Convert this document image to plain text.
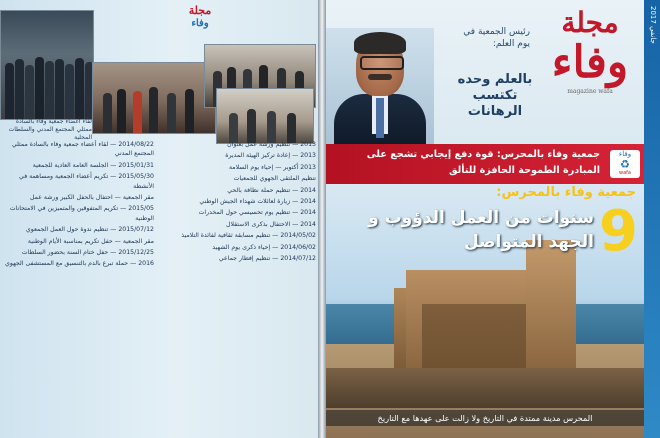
مجلة
وفاء
لقاء أعضاء جمعية وفاء بالسادة ممثلي المجتمع المدني والسلطات المحلية

2014/08/22 — لقاء أعضاء جمعية وفاء بالسادة ممثلي المجتمع المدني

2015/01/31 — الجلسة العامة العادية للجمعية

2015/05/30 — تكريم أعضاء الجمعية ومساهمة في الأنشطة

مقر الجمعية — احتفال بالحفل الكبير ورشة عمل

2015/05 — تكريم المتفوقين والمتميزين في الامتحانات الوطنية

2015/07/12 — تنظيم ندوة حول العمل الجمعوي

مقر الجمعية — حفل تكريم بمناسبة الأيام الوطنية

2015/12/25 — حفل ختام السنة بحضور السلطات

2016 — حملة تبرع بالدم بالتنسيق مع المستشفى الجهوي

2013 — تنظيم ورشة عمل بعنوان

2013 — إعادة تركيز الهيئة المديرة

2013 أكتوبر — إحياء يوم السلامة

تنظيم الملتقى الجهوي للجمعيات

2014 — تنظيم حملة نظافة بالحي

2014 — زيارة لعائلات شهداء الجيش الوطني

2014 — تنظيم يوم تحسيسي حول المخدرات

2014 — الاحتفال بذكرى الاستقلال

2014/05/02 — تنظيم مسابقة ثقافية لفائدة التلاميذ

2014/06/02 — إحياء ذكرى يوم الشهيد

2014/07/12 — تنظيم إفطار جماعي

رئيس الجمعية في يوم العلم:
بالعلم وحده تكتسب الرهانات
مجلة
وفاء
magazine wafa
جمعية وفاء بالمحرس: قوة دفع إيجابي تشجع على المبادرة الطموحة الحافزة للتألق
وفاء
♻
wafa
جمعية وفاء بالمحرس:
9
سنوات من العمل الدؤوب و الجهد المتواصل
المحرس مدينة ممتدة في التاريخ ولا زالت على عهدها مع التاريخ
جانفي 2017
